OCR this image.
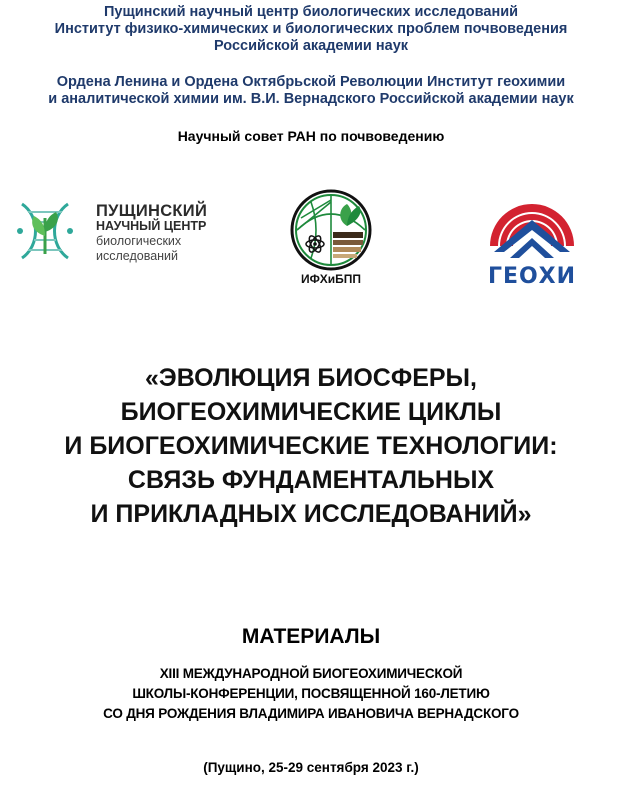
Пущинский научный центр биологических исследований
Институт физико-химических и биологических проблем почвоведения
Российской академии наук
Ордена Ленина и Ордена Октябрьской Революции Институт геохимии
и аналитической химии им. В.И. Вернадского Российской академии наук
Научный совет РАН по почвоведению
ПУЩИНСКИЙ
НАУЧНЫЙ ЦЕНТР
биологических
исследований
ИФХиБПП	ГЕОХИ
«ЭВОЛЮЦИЯ БИОСФЕРЫ,
БИОГЕОХИМИЧЕСКИЕ ЦИКЛЫ
И БИОГЕОХИМИЧЕСКИЕ ТЕХНОЛОГИИ:
СВЯЗЬ ФУНДАМЕНТАЛЬНЫХ
И ПРИКЛАДНЫХ ИССЛЕДОВАНИЙ»
МАТЕРИАЛЫ
XIII МЕЖДУНАРОДНОЙ БИОГЕОХИМИЧЕСКОЙ
ШКОЛЫ-КОНФЕРЕНЦИИ, ПОСВЯЩЕННОЙ 160-ЛЕТИЮ
СО ДНЯ РОЖДЕНИЯ ВЛАДИМИРА ИВАНОВИЧА ВЕРНАДСКОГО
(Пущино, 25-29 сентября 2023 г.)
